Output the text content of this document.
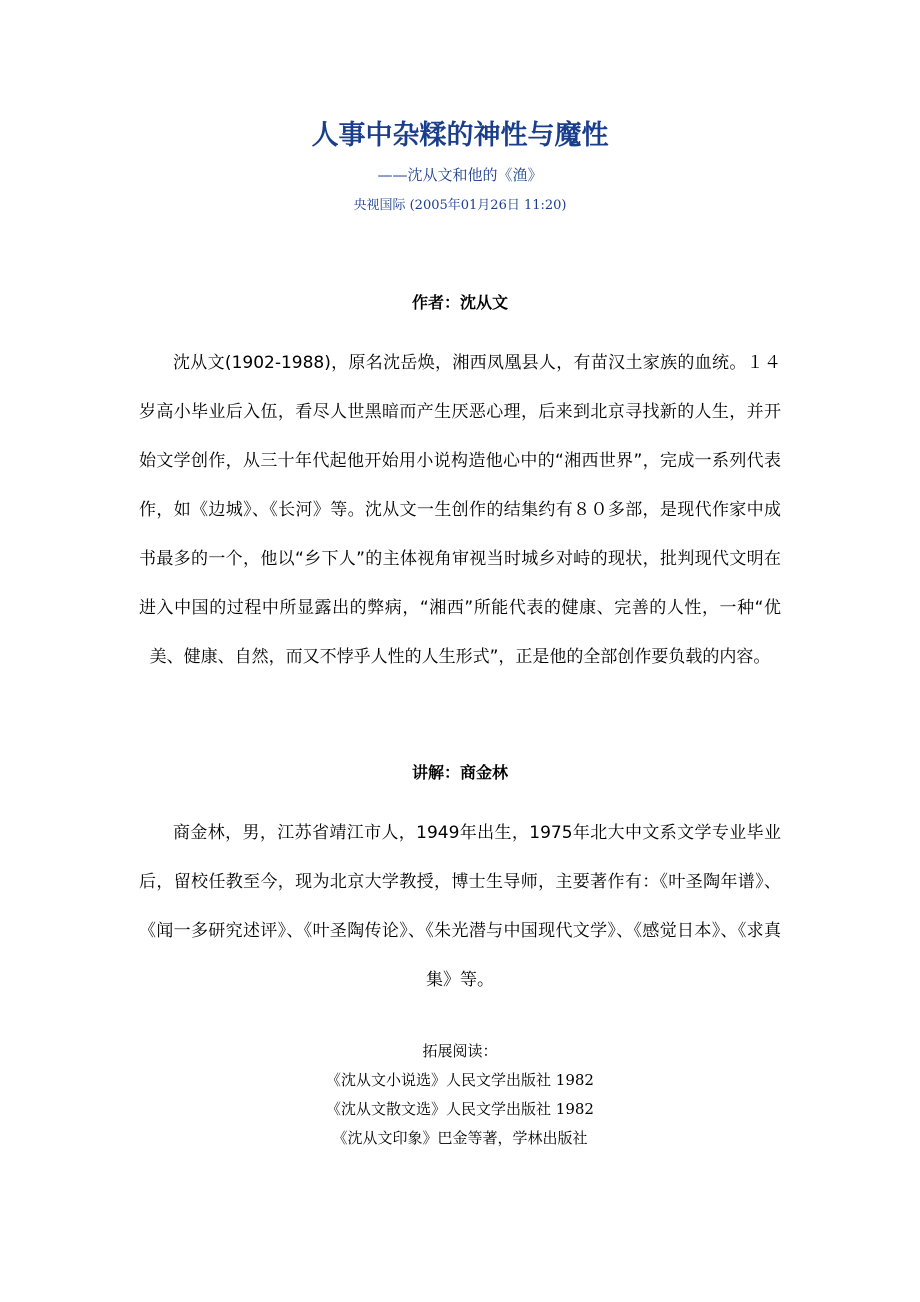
人事中杂糅的神性与魔性
——沈从文和他的《渔》
央视国际 (2005年01月26日 11:20)
作者：沈从文
沈从文(1902-1988)，原名沈岳焕，湘西凤凰县人，有苗汉土家族的血统。１４岁高小毕业后入伍，看尽人世黑暗而产生厌恶心理，后来到北京寻找新的人生，并开始文学创作，从三十年代起他开始用小说构造他心中的“湘西世界”，完成一系列代表作，如《边城》、《长河》等。沈从文一生创作的结集约有８０多部，是现代作家中成书最多的一个，他以“乡下人”的主体视角审视当时城乡对峙的现状，批判现代文明在进入中国的过程中所显露出的弊病，“湘西”所能代表的健康、完善的人性，一种“优美、健康、自然，而又不悖乎人性的人生形式”，正是他的全部创作要负载的内容。
讲解：商金林
商金林，男，江苏省靖江市人，1949年出生，1975年北大中文系文学专业毕业后，留校任教至今，现为北京大学教授，博士生导师，主要著作有：《叶圣陶年谱》、《闻一多研究述评》、《叶圣陶传论》、《朱光潜与中国现代文学》、《感觉日本》、《求真集》等。
拓展阅读：
《沈从文小说选》人民文学出版社 1982
《沈从文散文选》人民文学出版社 1982
《沈从文印象》巴金等著，学林出版社
